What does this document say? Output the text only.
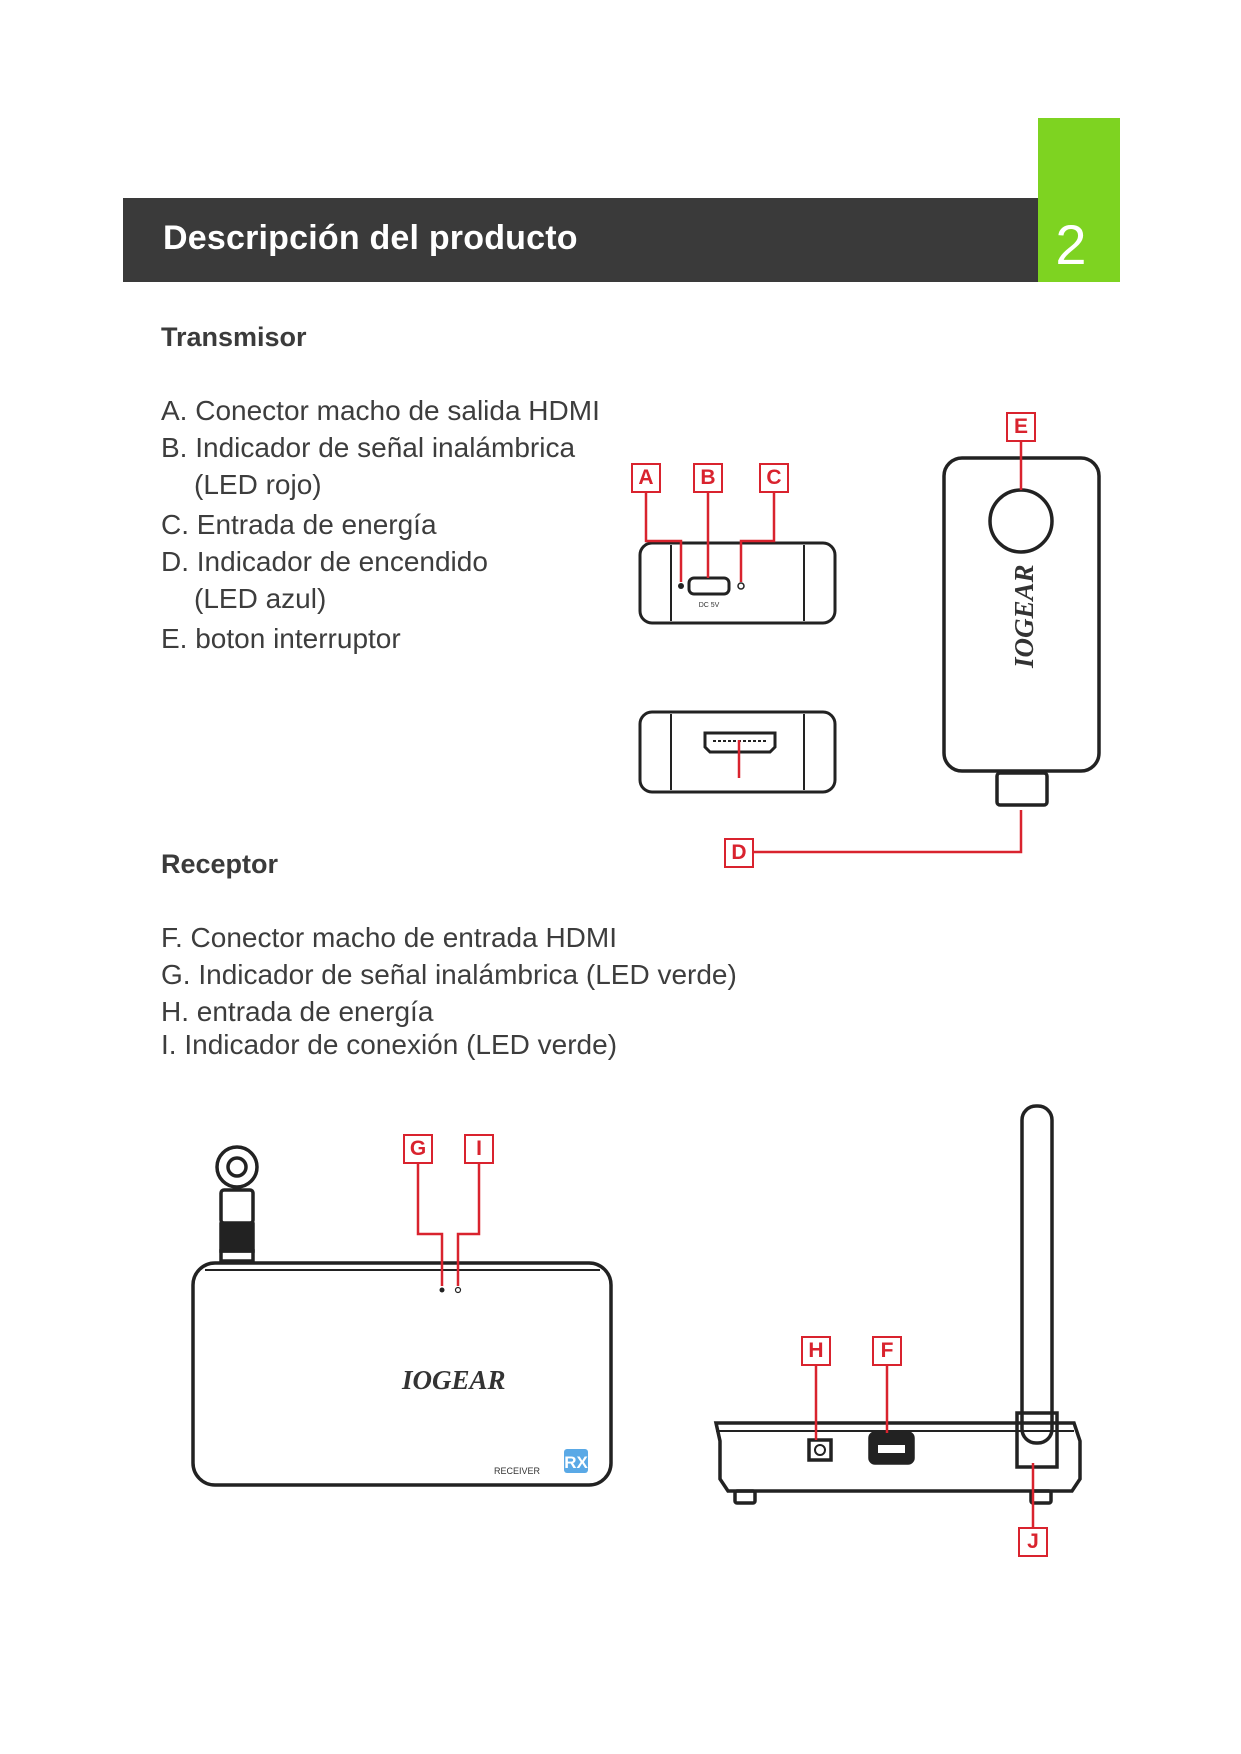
Descripción del producto	2
Transmisor
A. Conector macho de salida HDMI
B. Indicador de señal inalámbrica
(LED rojo)
C. Entrada de energía
D. Indicador de encendido
(LED azul)
E. boton interruptor
Receptor
F. Conector macho de entrada HDMI
G. Indicador de señal inalámbrica (LED verde)
H. entrada de energía
I. Indicador de conexión (LED verde)
DC 5V	IOGEAR
IOGEAR
RECEIVER RX
A	B	C
D
E
F
G
H
I
J
